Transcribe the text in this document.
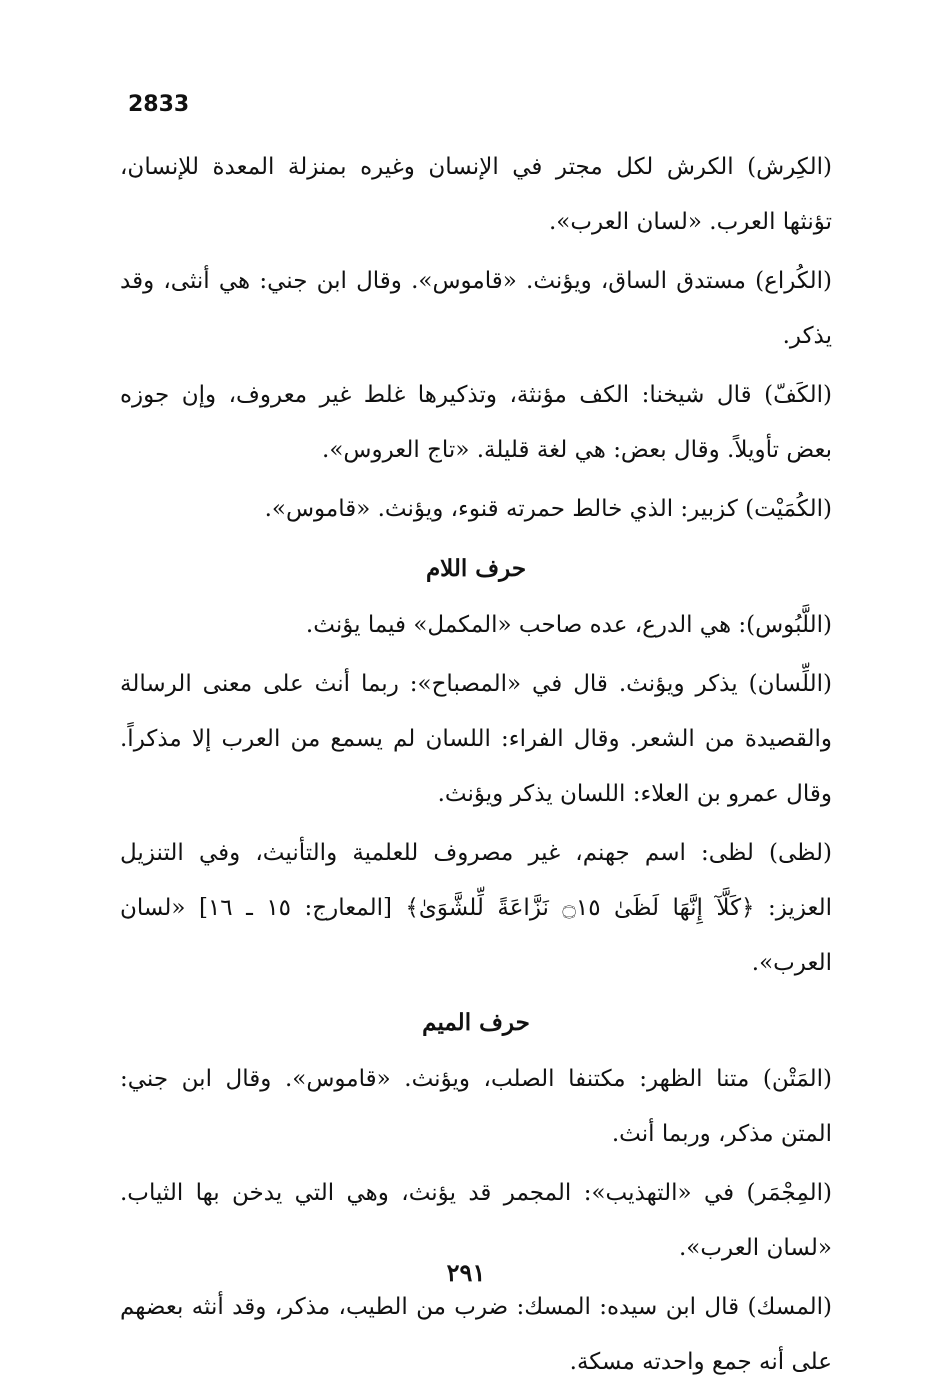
2833

(الكِرش) الكرش لكل مجتر في الإنسان وغيره بمنزلة المعدة للإنسان، تؤنثها العرب. «لسان العرب».

(الكُراع) مستدق الساق، ويؤنث. «قاموس». وقال ابن جني: هي أنثى، وقد يذكر.

(الكَفّ) قال شيخنا: الكف مؤنثة، وتذكيرها غلط غير معروف، وإن جوزه بعض تأويلاً. وقال بعض: هي لغة قليلة. «تاج العروس».

(الكُمَيْت) كزبير: الذي خالط حمرته قنوء، ويؤنث. «قاموس».

حرف اللام

(اللَّبُوس): هي الدرع، عده صاحب «المكمل» فيما يؤنث.

(اللِّسان) يذكر ويؤنث. قال في «المصباح»: ربما أنث على معنى الرسالة والقصيدة من الشعر. وقال الفراء: اللسان لم يسمع من العرب إلا مذكراً. وقال عمرو بن العلاء: اللسان يذكر ويؤنث.

(لظى) لظى: اسم جهنم، غير مصروف للعلمية والتأنيث، وفي التنزيل العزيز: ﴿كَلَّآ إِنَّهَا لَظَىٰ ۝١٥ نَزَّاعَةً لِّلشَّوَىٰ﴾ [المعارج: ١٥ ـ ١٦] «لسان العرب».

حرف الميم

(المَتْن) متنا الظهر: مكتنفا الصلب، ويؤنث. «قاموس». وقال ابن جني: المتن مذكر، وربما أنث.

(المِجْمَر) في «التهذيب»: المجمر قد يؤنث، وهي التي يدخن بها الثياب. «لسان العرب».

(المسك) قال ابن سيده: المسك: ضرب من الطيب، مذكر، وقد أنثه بعضهم على أنه جمع واحدته مسكة.

٢٩١
